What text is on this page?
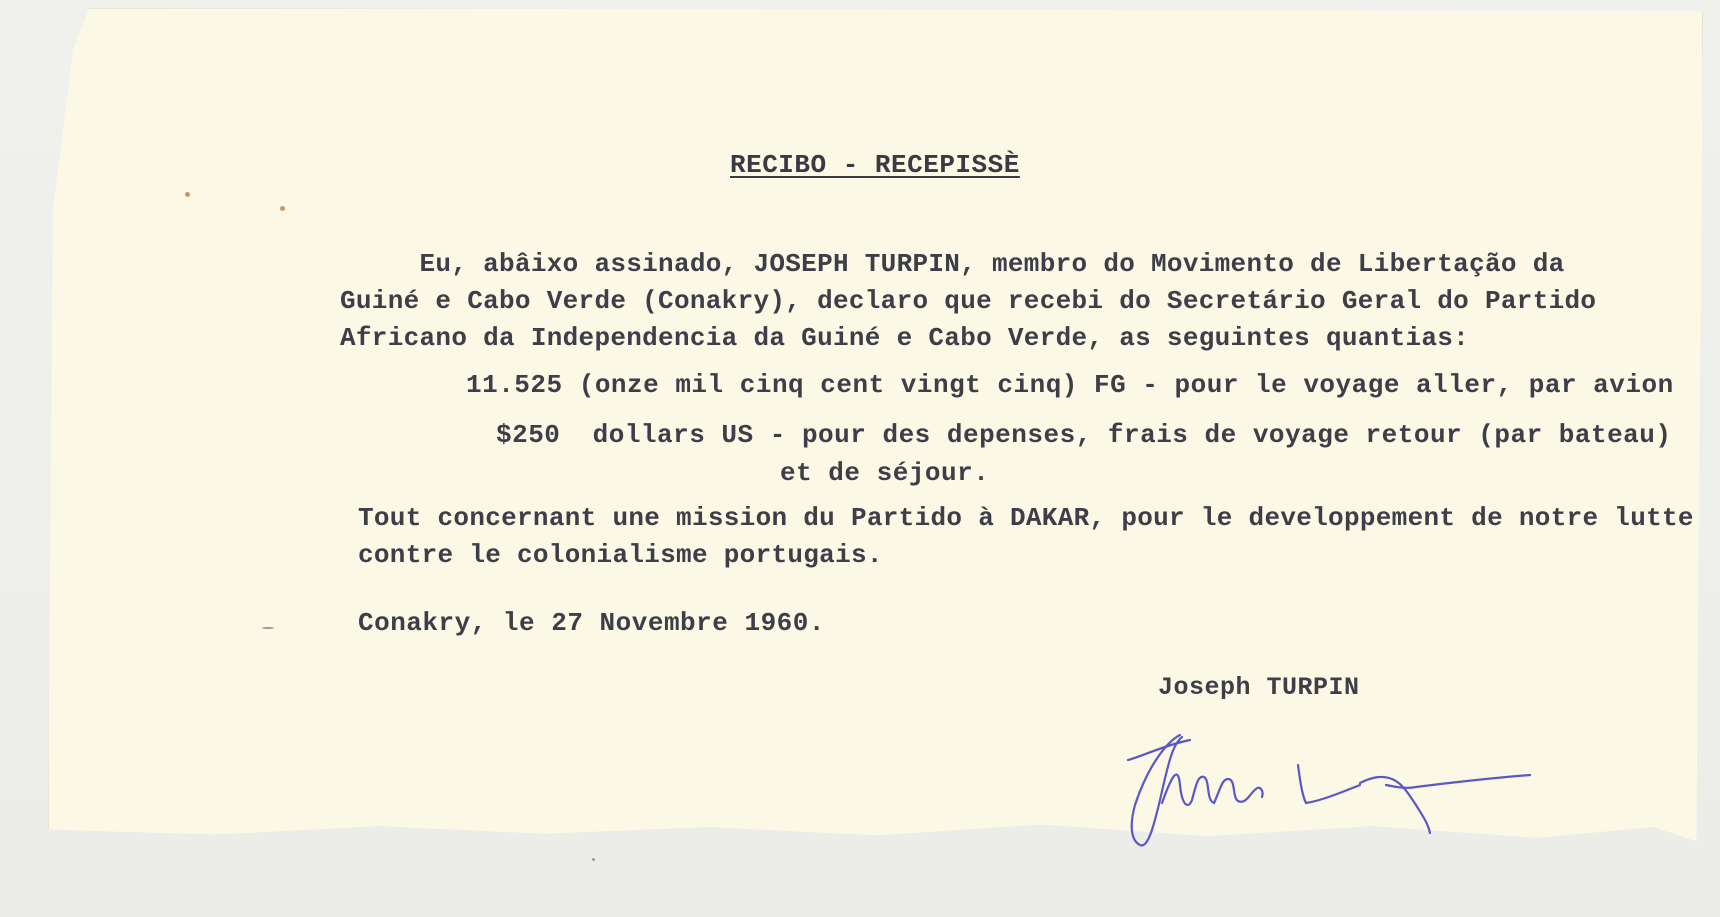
RECIBO - RECEPISSÈ
Eu, abâixo assinado, JOSEPH TURPIN, membro do Movimento de Libertação da
Guiné e Cabo Verde (Conakry), declaro que recebi do Secretário Geral do Partido
Africano da Independencia da Guiné e Cabo Verde, as seguintes quantias:
11.525 (onze mil cinq cent vingt cinq) FG - pour le voyage aller, par avion
$250  dollars US - pour des depenses, frais de voyage retour (par bateau)
et de séjour.
Tout concernant une mission du Partido à DAKAR, pour le developpement de notre lutte
contre le colonialisme portugais.
Conakry, le 27 Novembre 1960.
Joseph TURPIN
